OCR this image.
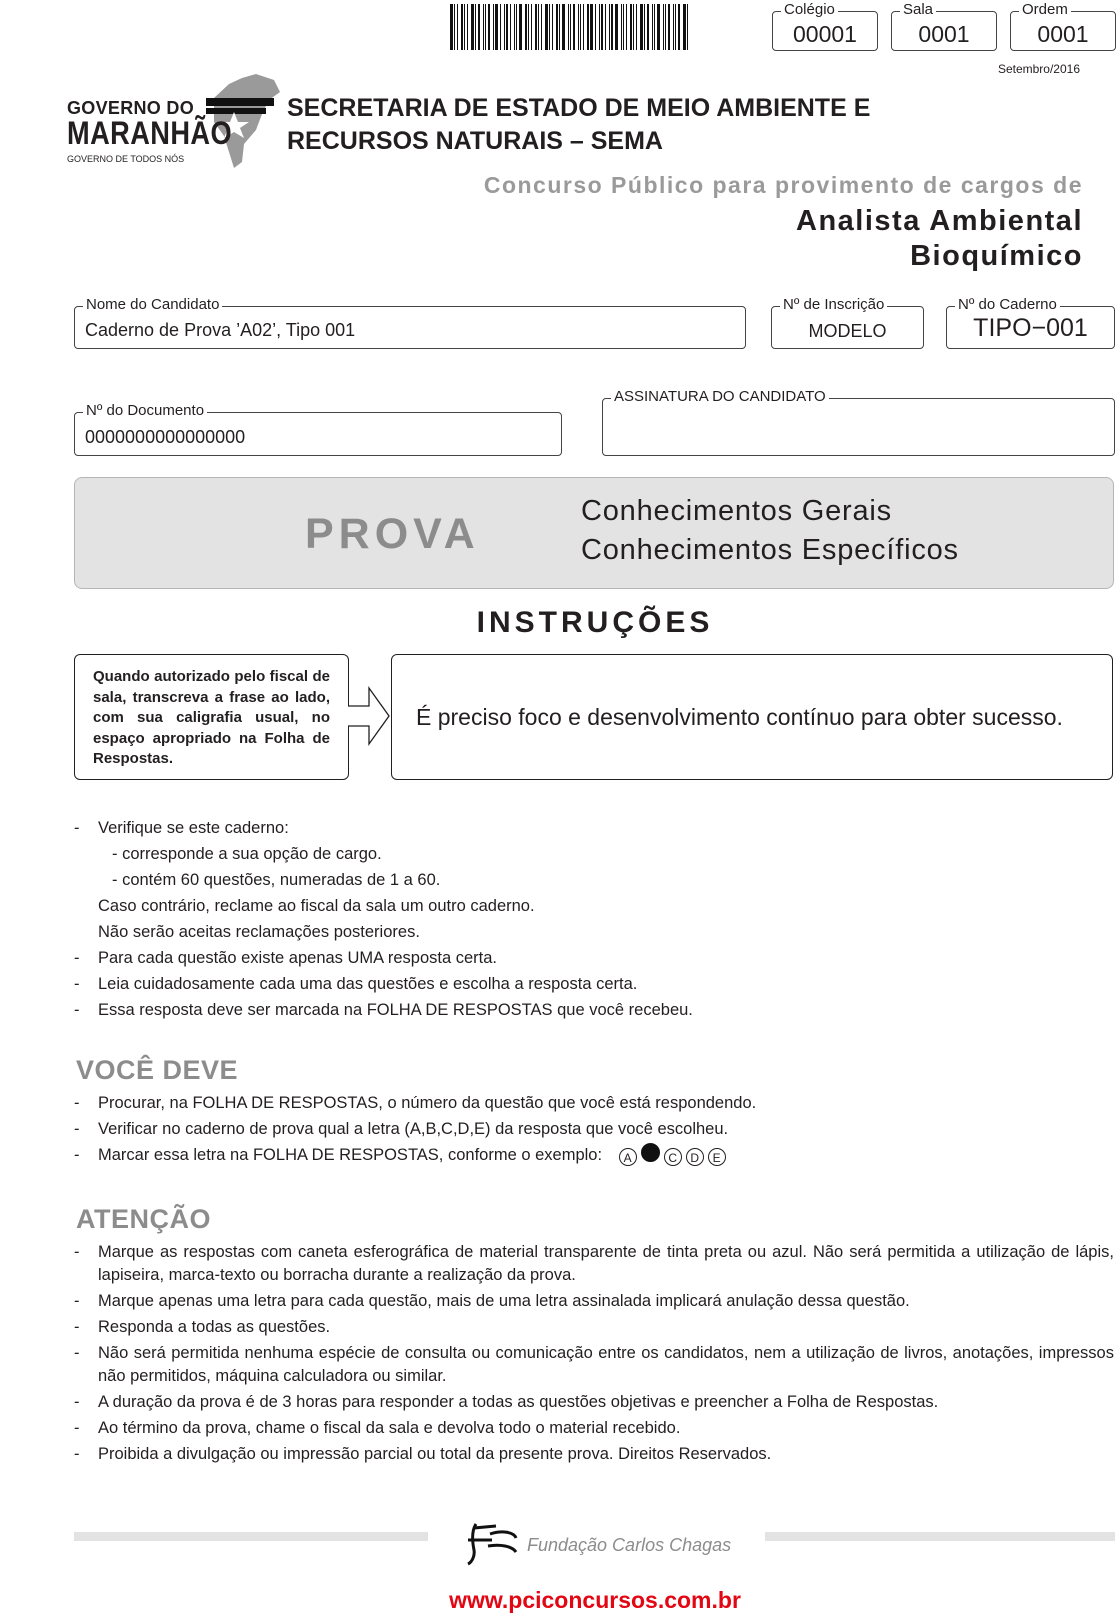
Colégio
00001
Sala
0001
Ordem
0001
Setembro/2016
GOVERNO DO
MARANHÃO
GOVERNO DE TODOS NÓS
SECRETARIA DE ESTADO DE MEIO AMBIENTE E
RECURSOS NATURAIS – SEMA
Concurso Público para provimento de cargos de
Analista Ambiental
Bioquímico
Nome do Candidato
Caderno de Prova ’A02’, Tipo 001
Nº de Inscrição
MODELO
Nº do Caderno
TIPO−001
Nº do Documento
0000000000000000
ASSINATURA DO CANDIDATO
PROVA	Conhecimentos Gerais
Conhecimentos Específicos
INSTRUÇÕES
Quando autorizado pelo fiscal de sala, transcreva a frase ao lado, com sua caligrafia usual, no espaço apropriado na Folha de Respostas.
É preciso foco e desenvolvimento contínuo para obter sucesso.
- Verifique se este caderno:
- corresponde a sua opção de cargo.
- contém 60 questões, numeradas de 1 a 60.
Caso contrário, reclame ao fiscal da sala um outro caderno.
Não serão aceitas reclamações posteriores.
- Para cada questão existe apenas UMA resposta certa.
- Leia cuidadosamente cada uma das questões e escolha a resposta certa.
- Essa resposta deve ser marcada na FOLHA DE RESPOSTAS que você recebeu.
VOCÊ DEVE
- Procurar, na FOLHA DE RESPOSTAS, o número da questão que você está respondendo.
- Verificar no caderno de prova qual a letra (A,B,C,D,E) da resposta que você escolheu.
- Marcar essa letra na FOLHA DE RESPOSTAS, conforme o exemplo: A	C D E
ATENÇÃO
- Marque as respostas com caneta esferográfica de material transparente de tinta preta ou azul. Não será permitida a utilização de lápis, lapiseira, marca-texto ou borracha durante a realização da prova.
- Marque apenas uma letra para cada questão, mais de uma letra assinalada implicará anulação dessa questão.
- Responda a todas as questões.
- Não será permitida nenhuma espécie de consulta ou comunicação entre os candidatos, nem a utilização de livros, anotações, impressos não permitidos, máquina calculadora ou similar.
- A duração da prova é de 3 horas para responder a todas as questões objetivas e preencher a Folha de Respostas.
- Ao término da prova, chame o fiscal da sala e devolva todo o material recebido.
- Proibida a divulgação ou impressão parcial ou total da presente prova. Direitos Reservados.
Fundação Carlos Chagas
www.pciconcursos.com.br
